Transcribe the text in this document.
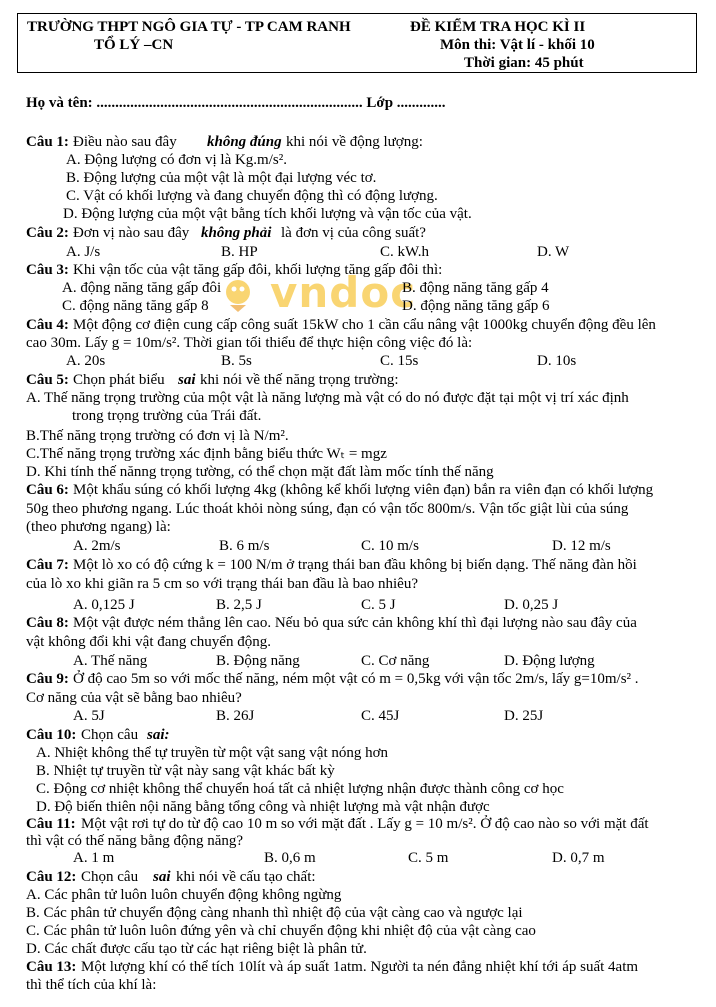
TRƯỜNG THPT NGÔ GIA TỰ - TP CAM RANH
TỔ LÝ –CN
ĐỀ KIỂM TRA HỌC KÌ II
Môn thi: Vật lí - khối 10
Thời gian: 45 phút
Họ và tên: ....................................................................... Lớp .............
vndoc
Câu 1: Điều nào sau đây không đúng khi nói về động lượng:
A. Động lượng có đơn vị là Kg.m/s².
B. Động lượng của một vật là một đại lượng véc tơ.
C. Vật có khối lượng và đang chuyển động thì có động lượng.
D. Động lượng của một vật bằng tích khối lượng và vận tốc của vật.
Câu 2: Đơn vị nào sau đây không phải là đơn vị của công suất?
A. J/s	B. HP	C. kW.h	D. W
Câu 3: Khi vận tốc của vật tăng gấp đôi, khối lượng tăng gấp đôi thì:
A. động năng tăng gấp đôi	B. động năng tăng gấp 4
C. động năng tăng gấp 8	D. động năng tăng gấp 6
Câu 4: Một động cơ điện cung cấp công suất 15kW cho 1 cần cẩu nâng vật 1000kg chuyển động đều lên
cao 30m. Lấy g = 10m/s². Thời gian tối thiểu để thực hiện công việc đó là:
A. 20s	B. 5s	C. 15s	D. 10s
Câu 5: Chọn phát biểu sai khi nói về thế năng trọng trường:
A. Thế năng trọng trường của một vật là năng lượng mà vật có do nó được đặt tại một vị trí xác định
trong trọng trường của Trái đất.
B.Thế năng trọng trường có đơn vị là N/m².
C.Thế năng trọng trường xác định bằng biểu thức Wₜ = mgz
D. Khi tính thế nănng trọng tường, có thể chọn mặt đất làm mốc tính thế năng
Câu 6: Một khẩu súng có khối lượng 4kg (không kể khối lượng viên đạn) bắn ra viên đạn có khối lượng
50g theo phương ngang. Lúc thoát khỏi nòng súng, đạn có vận tốc 800m/s. Vận tốc giật lùi của súng
(theo phương ngang) là:
A. 2m/s	B. 6 m/s	C. 10 m/s	D. 12 m/s
Câu 7: Một lò xo có độ cứng k = 100 N/m ở trạng thái ban đầu không bị biến dạng. Thế năng đàn hồi
của lò xo khi giãn ra 5 cm so với trạng thái ban đầu là bao nhiêu?
A. 0,125 J	B. 2,5 J	C. 5 J	D. 0,25 J
Câu 8: Một vật được ném thẳng lên cao. Nếu bỏ qua sức cản không khí thì đại lượng nào sau đây của
vật không đổi khi vật đang chuyển động.
A. Thế năng	B. Động năng	C. Cơ năng	D. Động lượng
Câu 9: Ở độ cao 5m so với mốc thế năng, ném một vật có m = 0,5kg với vận tốc 2m/s, lấy g=10m/s² .
Cơ năng của vật sẽ bằng bao nhiêu?
A. 5J	B. 26J	C. 45J	D. 25J
Câu 10: Chọn câu sai:
A. Nhiệt không thể tự truyền từ một vật sang vật nóng hơn
B. Nhiệt tự truyền từ vật này sang vật khác bất kỳ
C. Động cơ nhiệt không thể chuyển hoá tất cả nhiệt lượng nhận được thành công cơ học
D. Độ biến thiên nội năng bằng tổng công và nhiệt lượng mà vật nhận được
Câu 11: Một vật rơi tự do từ độ cao 10 m so với mặt đất . Lấy g = 10 m/s². Ở độ cao nào so với mặt đất
thì vật có thế năng bằng động năng?
A. 1 m	B. 0,6 m	C. 5 m	D. 0,7 m
Câu 12: Chọn câu sai khi nói về cấu tạo chất:
A. Các phân tử luôn luôn chuyển động không ngừng
B. Các phân tử chuyển động càng nhanh thì nhiệt độ của vật càng cao và ngược lại
C. Các phân tử luôn luôn đứng yên và chỉ chuyển động khi nhiệt độ của vật càng cao
D. Các chất được cấu tạo từ các hạt riêng biệt là phân tử.
Câu 13: Một lượng khí có thể tích 10lít và áp suất 1atm. Người ta nén đẳng nhiệt khí tới áp suất 4atm
thì thể tích của khí là:
